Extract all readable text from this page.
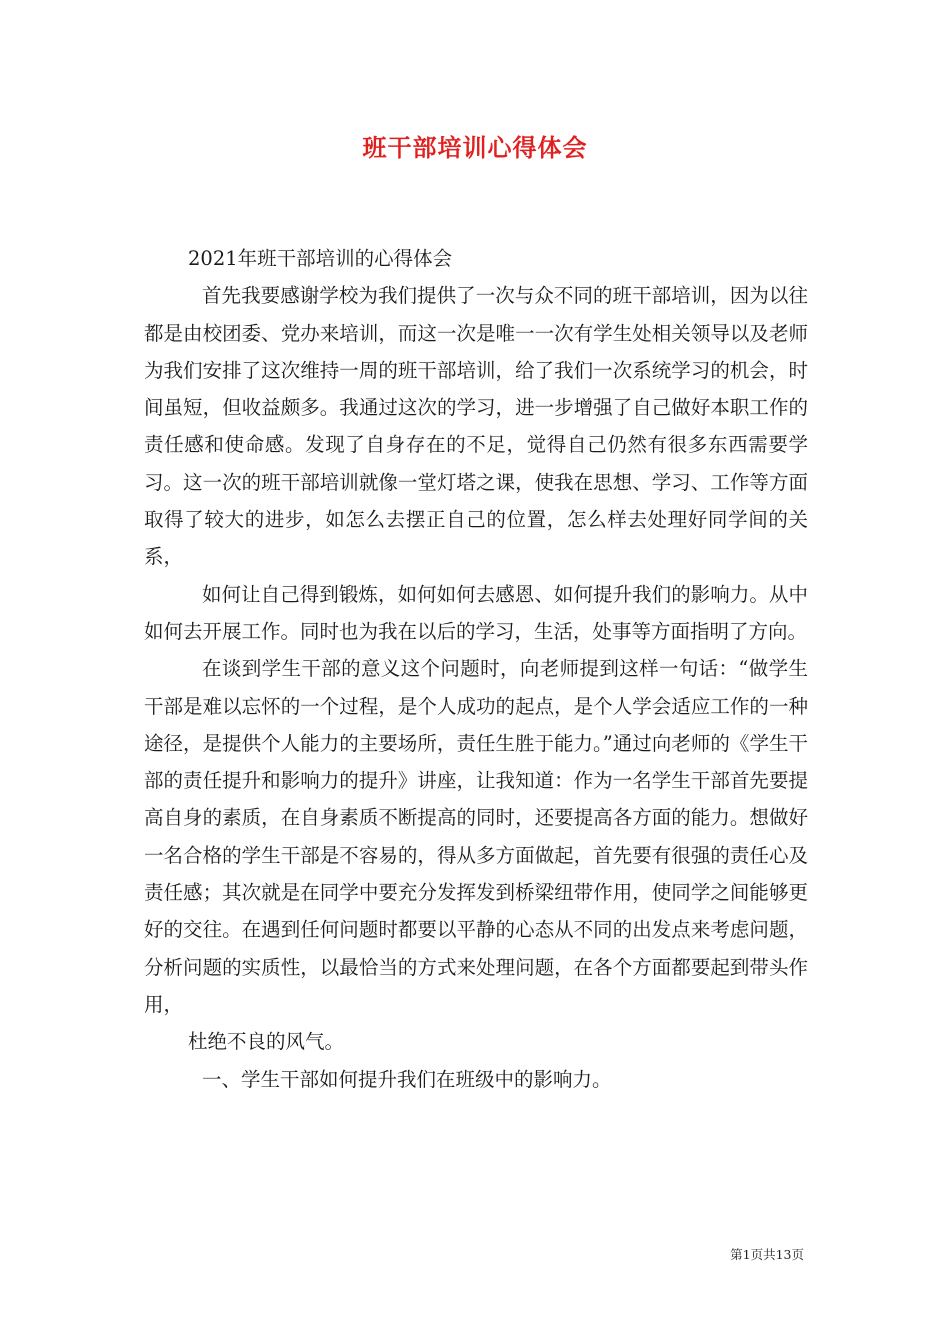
班干部培训心得体会

2021年班干部培训的心得体会

首先我要感谢学校为我们提供了一次与众不同的班干部培训，因为以往都是由校团委、党办来培训，而这一次是唯一一次有学生处相关领导以及老师为我们安排了这次维持一周的班干部培训，给了我们一次系统学习的机会，时间虽短，但收益颇多。我通过这次的学习，进一步增强了自己做好本职工作的责任感和使命感。发现了自身存在的不足，觉得自己仍然有很多东西需要学习。这一次的班干部培训就像一堂灯塔之课，使我在思想、学习、工作等方面取得了较大的进步，如怎么去摆正自己的位置，怎么样去处理好同学间的关系，

如何让自己得到锻炼，如何如何去感恩、如何提升我们的影响力。从中如何去开展工作。同时也为我在以后的学习，生活，处事等方面指明了方向。

在谈到学生干部的意义这个问题时，向老师提到这样一句话：“做学生干部是难以忘怀的一个过程，是个人成功的起点，是个人学会适应工作的一种途径，是提供个人能力的主要场所，责任生胜于能力。”通过向老师的《学生干部的责任提升和影响力的提升》讲座，让我知道：作为一名学生干部首先要提高自身的素质，在自身素质不断提高的同时，还要提高各方面的能力。想做好一名合格的学生干部是不容易的，得从多方面做起，首先要有很强的责任心及责任感；其次就是在同学中要充分发挥发到桥梁纽带作用，使同学之间能够更好的交往。在遇到任何问题时都要以平静的心态从不同的出发点来考虑问题，分析问题的实质性，以最恰当的方式来处理问题，在各个方面都要起到带头作用，

杜绝不良的风气。

一、学生干部如何提升我们在班级中的影响力。

第1页共13页
